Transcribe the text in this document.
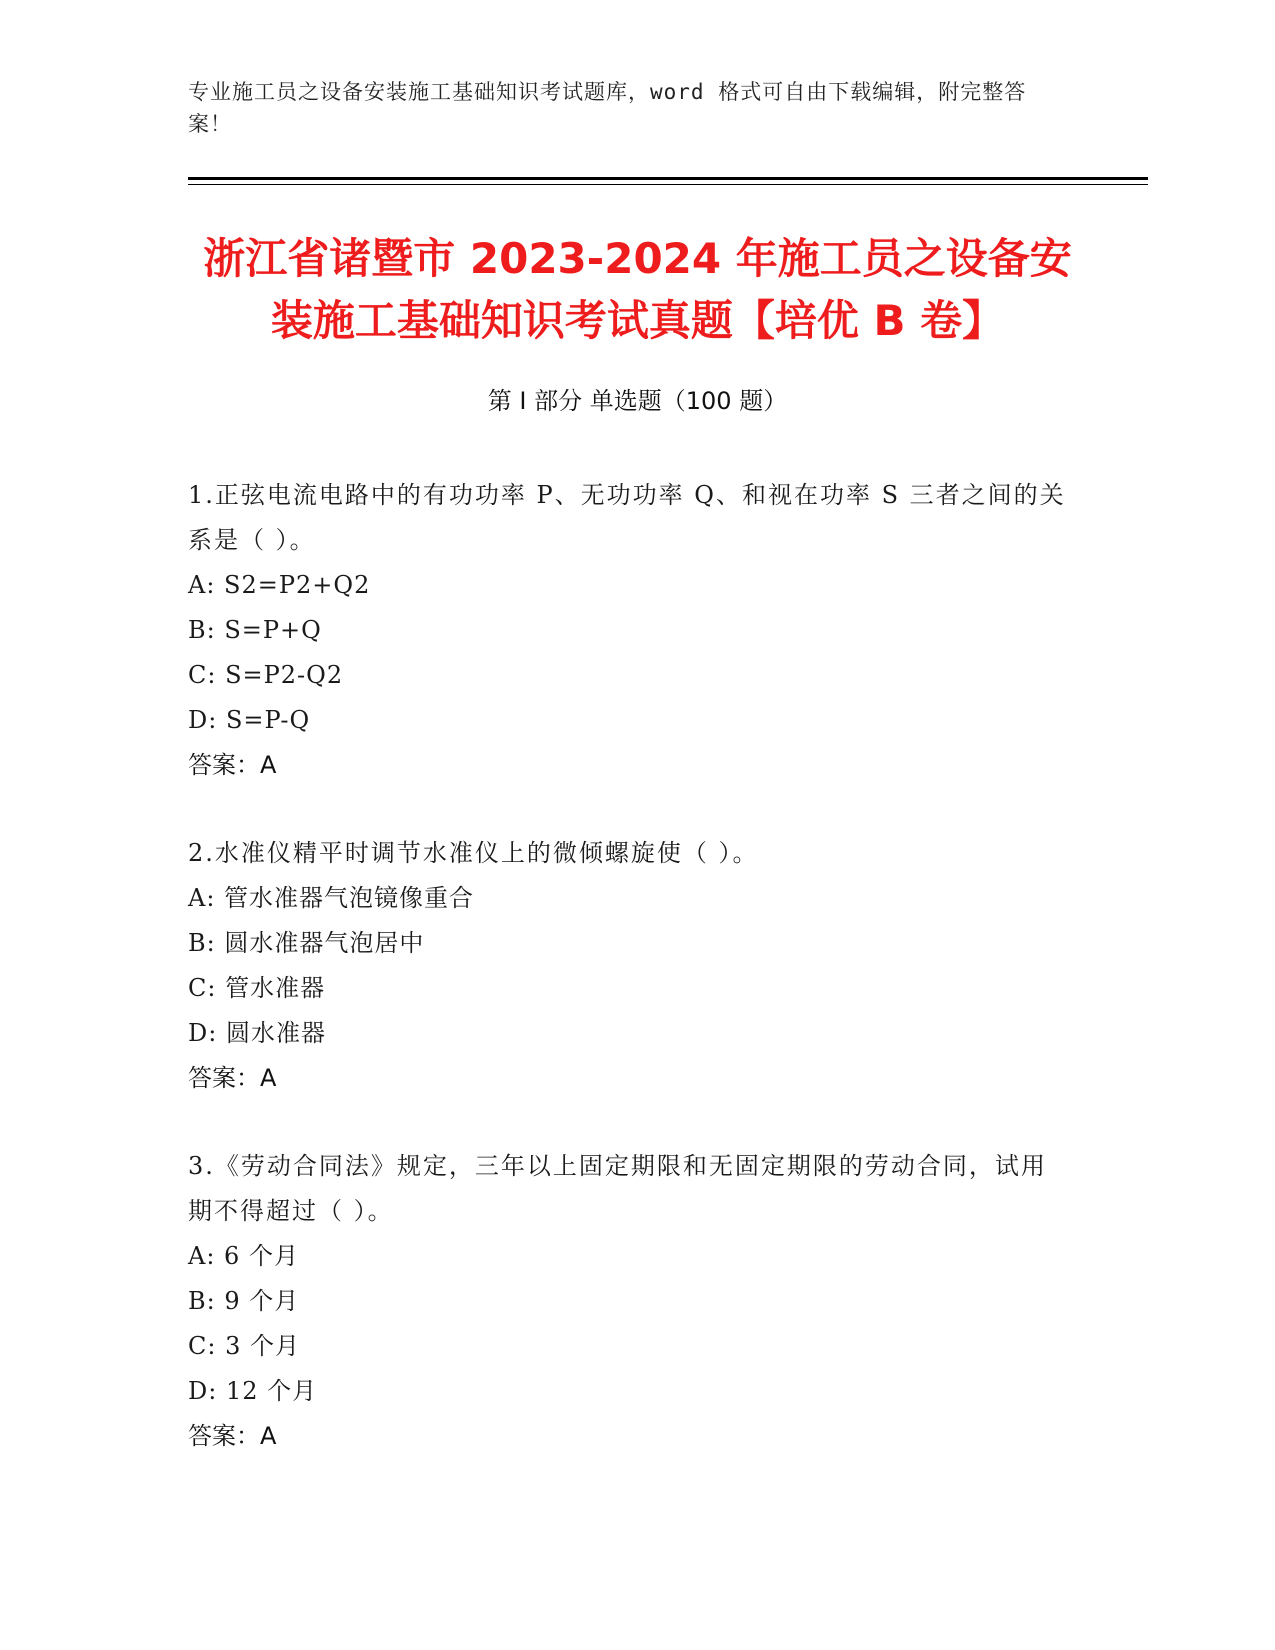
专业施工员之设备安装施工基础知识考试题库，word 格式可自由下载编辑，附完整答案！
浙江省诸暨市 2023-2024 年施工员之设备安
装施工基础知识考试真题【培优 B 卷】
第 I 部分 单选题（100 题）

1.正弦电流电路中的有功功率 P、无功功率 Q、和视在功率 S 三者之间的关系是（ ）。

A: S2=P2+Q2

B: S=P+Q

C: S=P2-Q2

D: S=P-Q

答案：A

2.水准仪精平时调节水准仪上的微倾螺旋使（ ）。

A: 管水准器气泡镜像重合

B: 圆水准器气泡居中

C: 管水准器

D: 圆水准器

答案：A

3.《劳动合同法》规定，三年以上固定期限和无固定期限的劳动合同，试用期不得超过（ ）。

A: 6 个月

B: 9 个月

C: 3 个月

D: 12 个月

答案：A
